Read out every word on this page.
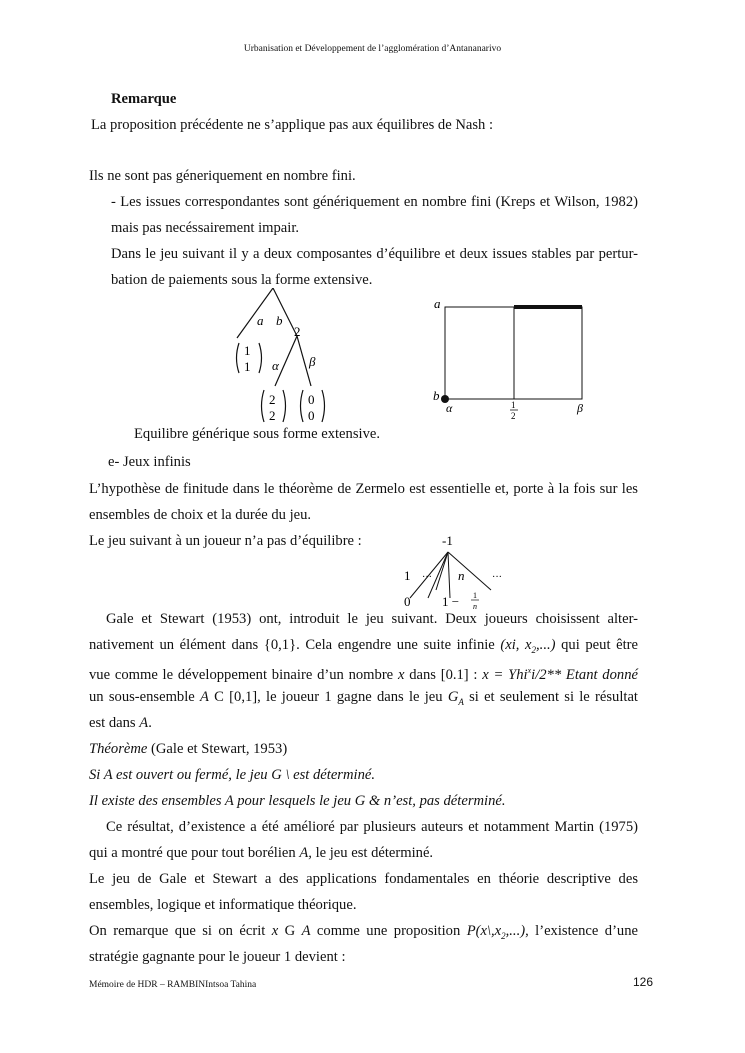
Urbanisation et Développement de l’agglomération d’Antananarivo
Remarque
La proposition précédente ne s’applique pas aux équilibres de Nash :
Ils ne sont pas géneriquement en nombre fini.
- Les issues correspondantes sont génériquement en nombre fini (Kreps et Wilson, 1982)
mais pas necéssairement impair.
Dans le jeu suivant il y a deux composantes d’équilibre et deux issues stables par pertur-
bation de paiements sous la forme extensive.
a b
2
α β
1
1
2
2
0
0
a
b
α	1
2
β
Equilibre générique sous forme extensive.
e- Jeux infinis
L’hypothèse de finitude dans le théorème de Zermelo est essentielle et, porte à la fois sur les
ensembles de choix et la durée du jeu.
Le jeu suivant à un joueur n’a pas d’équilibre :	-1
1 ··· n	···
0 1 − 1
n
Gale et Stewart (1953) ont, introduit le jeu suivant. Deux joueurs choisissent alter-
nativement un élément dans {0,1}. Cela engendre une suite infinie (xi, $x_2$,...) qui peut être
vue comme le développement binaire d’un nombre x dans [0.1] : x = Yhi$^x$i/2** Etant donné
un sous-ensemble A C [0,1], le joueur 1 gagne dans le jeu $G_A$ si et seulement si le résultat
est dans A.
Théorème (Gale et Stewart, 1953)
Si A est ouvert ou fermé, le jeu G \ est déterminé.
Il existe des ensembles A pour lesquels le jeu G & n’est, pas déterminé.
Ce résultat, d’existence a été amélioré par plusieurs auteurs et notamment Martin (1975)
qui a montré que pour tout borélien A, le jeu est déterminé.
Le jeu de Gale et Stewart a des applications fondamentales en théorie descriptive des
ensembles, logique et informatique théorique.
On remarque que si on écrit x G A comme une proposition $P(x\backslash,x_2,...)$, l’existence d’une
stratégie gagnante pour le joueur 1 devient :
Mémoire de HDR – RAMBINIntsoa Tahina	126
